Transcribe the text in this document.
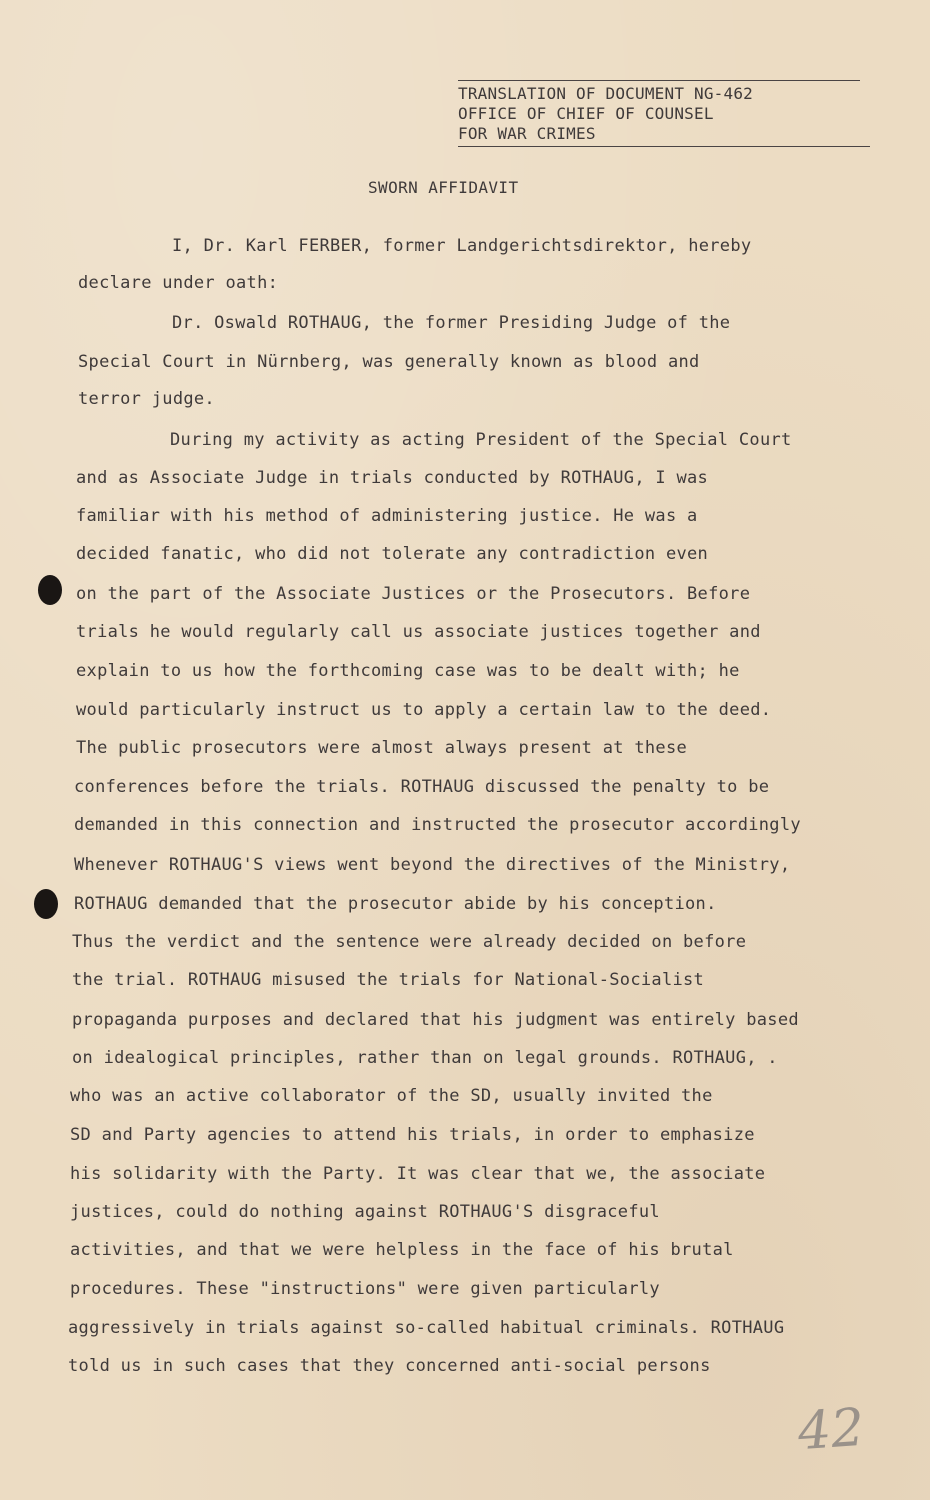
TRANSLATION OF DOCUMENT NG-462
OFFICE OF CHIEF OF COUNSEL
FOR WAR CRIMES
SWORN AFFIDAVIT
I, Dr. Karl FERBER, former Landgerichtsdirektor, hereby
declare under oath:
Dr. Oswald ROTHAUG, the former Presiding Judge of the
Special Court in Nürnberg, was generally known as blood and
terror judge.
During my activity as acting President of the Special Court
and as Associate Judge in trials conducted by ROTHAUG, I was
familiar with his method of administering justice. He was a
decided fanatic, who did not tolerate any contradiction even
on the part of the Associate Justices or the Prosecutors. Before
trials he would regularly call us associate justices together and
explain to us how the forthcoming case was to be dealt with; he
would particularly instruct us to apply a certain law to the deed.
The public prosecutors were almost always present at these
conferences before the trials. ROTHAUG discussed the penalty to be
demanded in this connection and instructed the prosecutor accordingly
Whenever ROTHAUG'S views went beyond the directives of the Ministry,
ROTHAUG demanded that the prosecutor abide by his conception.
Thus the verdict and the sentence were already decided on before
the trial. ROTHAUG misused the trials for National-Socialist
propaganda purposes and declared that his judgment was entirely based
on idealogical principles, rather than on legal grounds. ROTHAUG, .
who was an active collaborator of the SD, usually invited the
SD and Party agencies to attend his trials, in order to emphasize
his solidarity with the Party. It was clear that we, the associate
justices, could do nothing against ROTHAUG'S disgraceful
activities, and that we were helpless in the face of his brutal
procedures. These "instructions" were given particularly
aggressively in trials against so-called habitual criminals. ROTHAUG
told us in such cases that they concerned anti-social persons
42
